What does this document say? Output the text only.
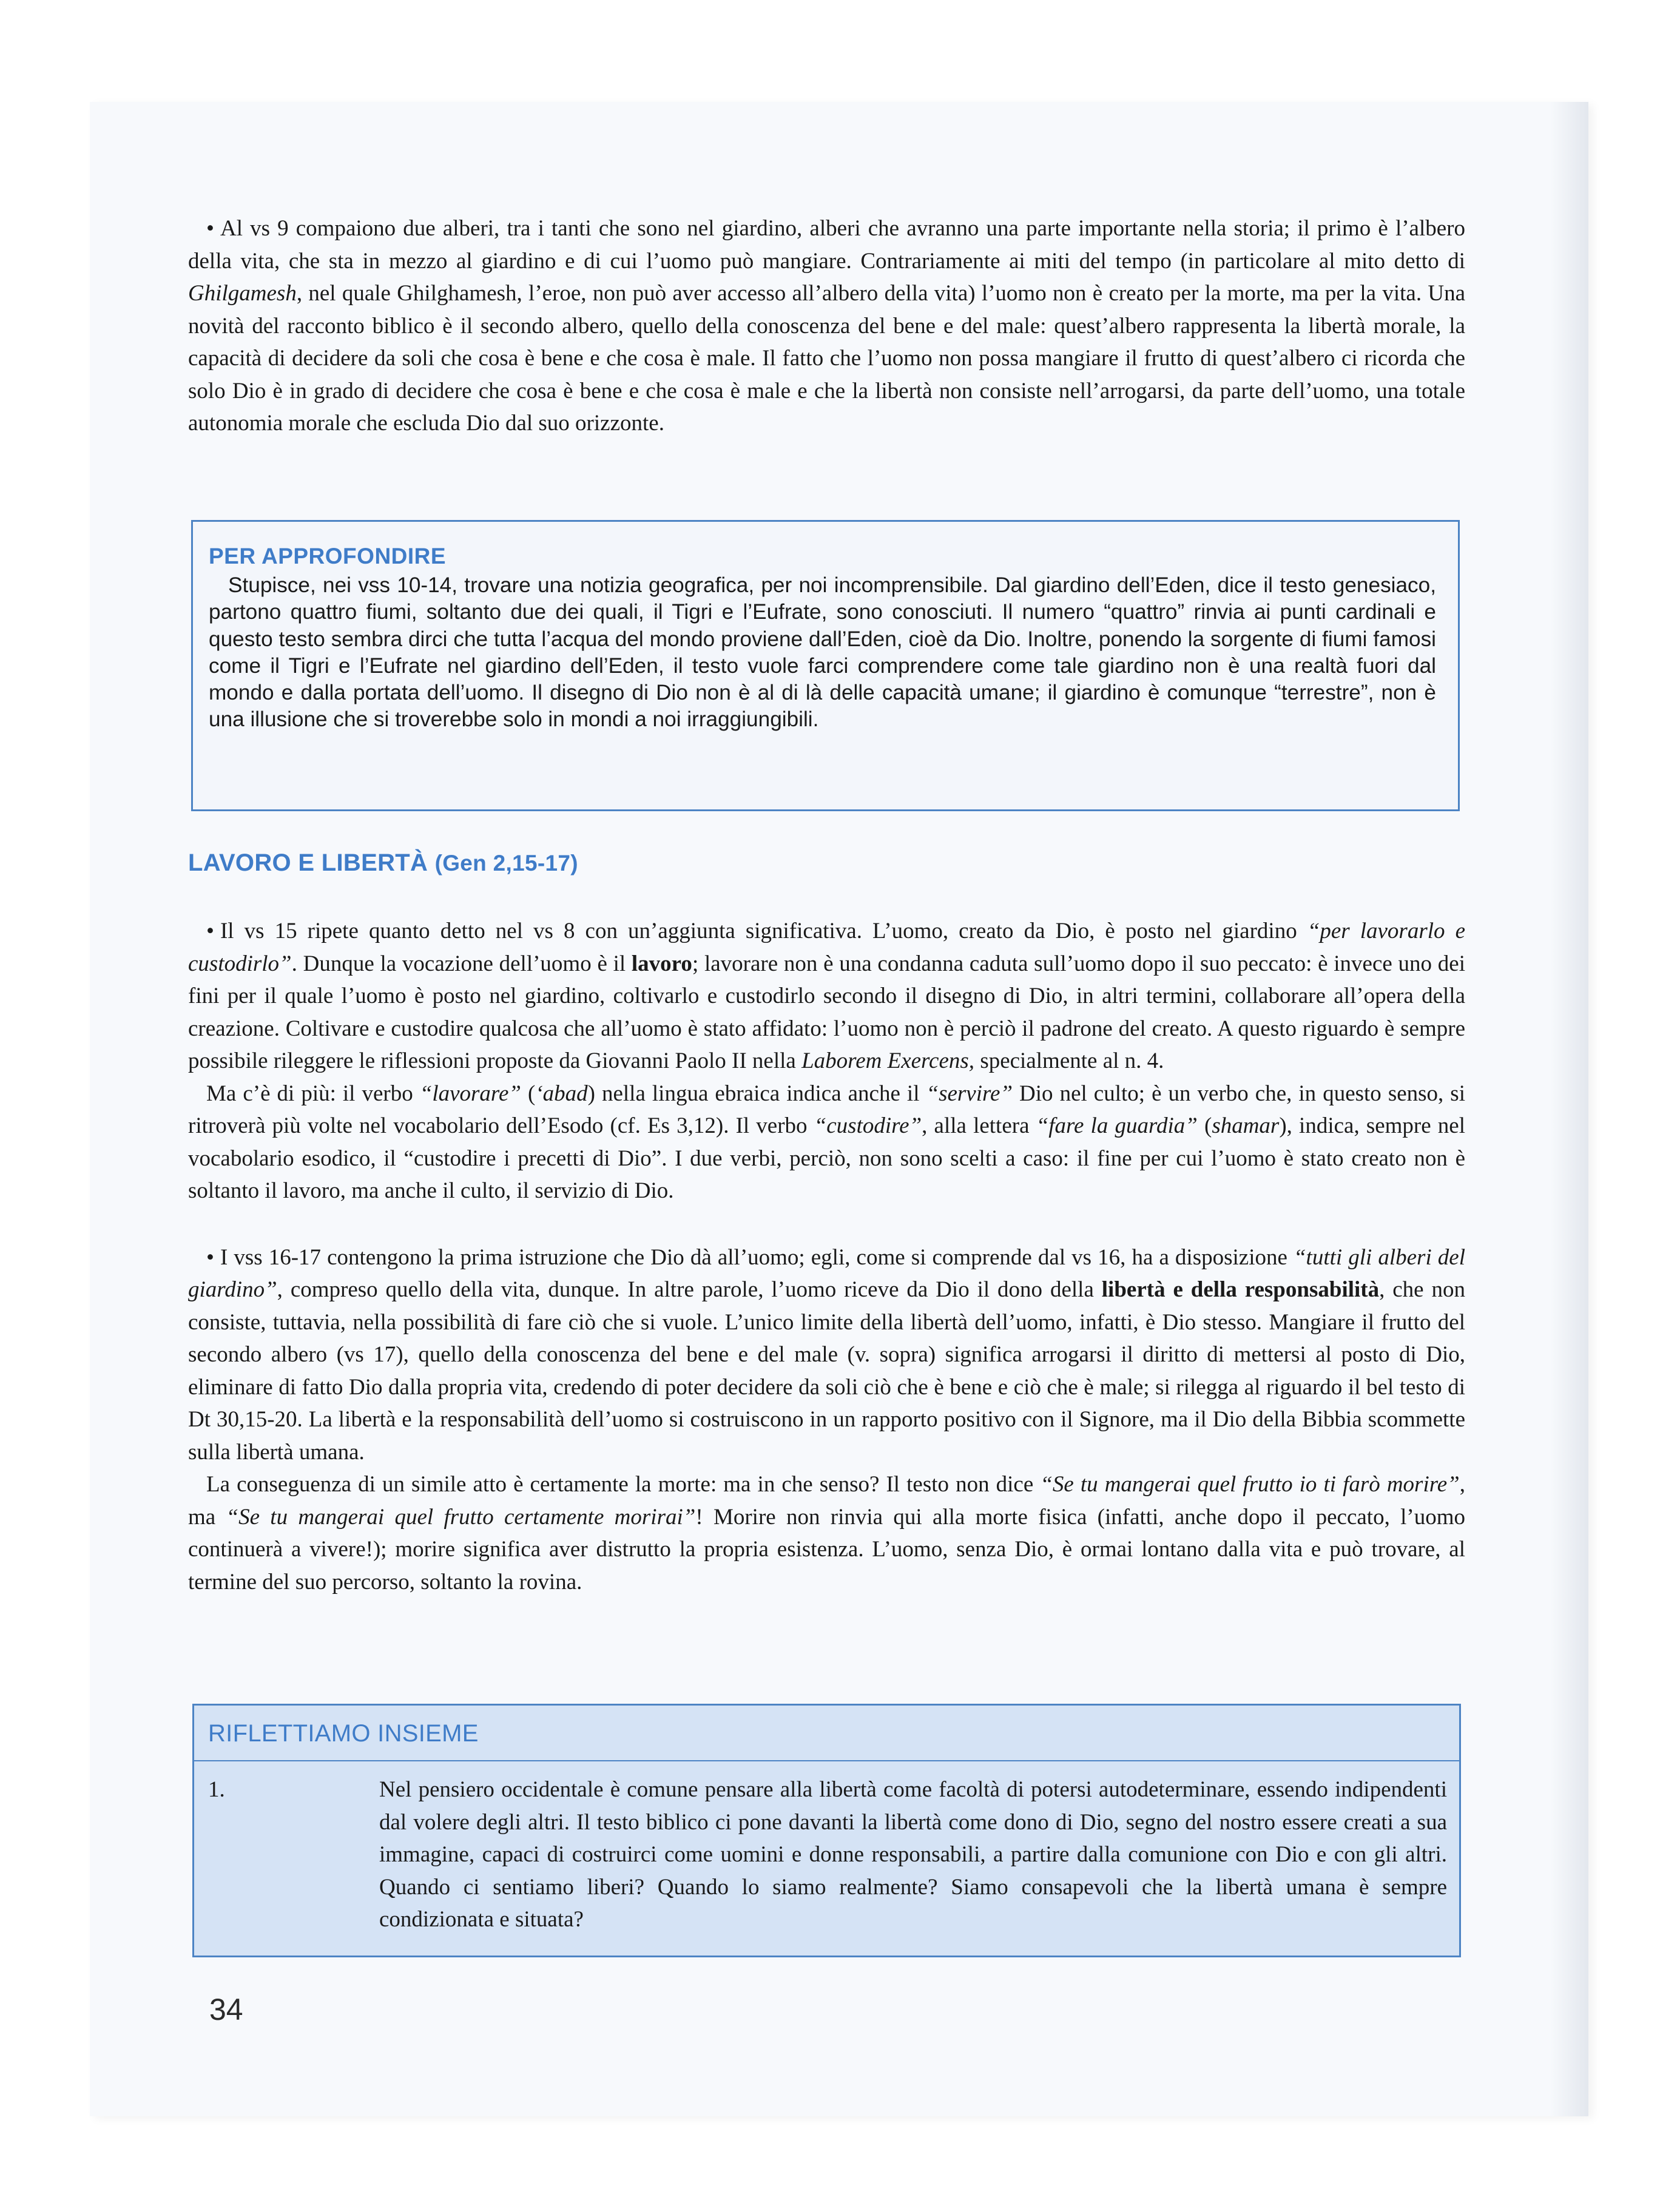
• Al vs 9 compaiono due alberi, tra i tanti che sono nel giardino, alberi che avranno una parte importante nella storia; il primo è l’albero della vita, che sta in mezzo al giardino e di cui l’uomo può mangiare. Contrariamente ai miti del tempo (in particolare al mito detto di Ghilgamesh, nel quale Ghilghamesh, l’eroe, non può aver accesso all’albero della vita) l’uomo non è creato per la morte, ma per la vita. Una novità del racconto biblico è il secondo albero, quello della conoscenza del bene e del male: quest’albero rappresenta la libertà morale, la capacità di decidere da soli che cosa è bene e che cosa è male. Il fatto che l’uomo non possa mangiare il frutto di quest’albero ci ricorda che solo Dio è in grado di decidere che cosa è bene e che cosa è male e che la libertà non consiste nell’arrogarsi, da parte dell’uomo, una totale autonomia morale che escluda Dio dal suo orizzonte.

PER APPROFONDIRE

Stupisce, nei vss 10-14, trovare una notizia geografica, per noi incomprensibile. Dal giardino dell’Eden, dice il testo genesiaco, partono quattro fiumi, soltanto due dei quali, il Tigri e l’Eufrate, sono conosciuti. Il numero “quattro” rinvia ai punti cardinali e questo testo sembra dirci che tutta l’acqua del mondo proviene dall’Eden, cioè da Dio. Inoltre, ponendo la sorgente di fiumi famosi come il Tigri e l’Eufrate nel giardino dell’Eden, il testo vuole farci comprendere come tale giardino non è una realtà fuori dal mondo e dalla portata dell’uomo. Il disegno di Dio non è al di là delle capacità umane; il giardino è comunque “terrestre”, non è una illusione che si troverebbe solo in mondi a noi irraggiungibili.

LAVORO E LIBERTÀ (Gen 2,15-17)

• Il vs 15 ripete quanto detto nel vs 8 con un’aggiunta significativa. L’uomo, creato da Dio, è posto nel giardino “per lavorarlo e custodirlo”. Dunque la vocazione dell’uomo è il lavoro; lavorare non è una condanna caduta sull’uomo dopo il suo peccato: è invece uno dei fini per il quale l’uomo è posto nel giardino, coltivarlo e custodirlo secondo il disegno di Dio, in altri termini, collaborare all’opera della creazione. Coltivare e custodire qualcosa che all’uomo è stato affidato: l’uomo non è perciò il padrone del creato. A questo riguardo è sempre possibile rileggere le riflessioni proposte da Giovanni Paolo II nella Laborem Exercens, specialmente al n. 4.

Ma c’è di più: il verbo “lavorare” (‘abad) nella lingua ebraica indica anche il “servire” Dio nel culto; è un verbo che, in questo senso, si ritroverà più volte nel vocabolario dell’Esodo (cf. Es 3,12). Il verbo “custodire”, alla lettera “fare la guardia” (shamar), indica, sempre nel vocabolario esodico, il “custodire i precetti di Dio”. I due verbi, perciò, non sono scelti a caso: il fine per cui l’uomo è stato creato non è soltanto il lavoro, ma anche il culto, il servizio di Dio.

• I vss 16-17 contengono la prima istruzione che Dio dà all’uomo; egli, come si comprende dal vs 16, ha a disposizione “tutti gli alberi del giardino”, compreso quello della vita, dunque. In altre parole, l’uomo riceve da Dio il dono della libertà e della responsabilità, che non consiste, tuttavia, nella possibilità di fare ciò che si vuole. L’unico limite della libertà dell’uomo, infatti, è Dio stesso. Mangiare il frutto del secondo albero (vs 17), quello della conoscenza del bene e del male (v. sopra) significa arrogarsi il diritto di mettersi al posto di Dio, eliminare di fatto Dio dalla propria vita, credendo di poter decidere da soli ciò che è bene e ciò che è male; si rilegga al riguardo il bel testo di Dt 30,15-20. La libertà e la responsabilità dell’uomo si costruiscono in un rapporto positivo con il Signore, ma il Dio della Bibbia scommette sulla libertà umana.

La conseguenza di un simile atto è certamente la morte: ma in che senso? Il testo non dice “Se tu mangerai quel frutto io ti farò morire”, ma “Se tu mangerai quel frutto certamente morirai”! Morire non rinvia qui alla morte fisica (infatti, anche dopo il peccato, l’uomo continuerà a vivere!); morire significa aver distrutto la propria esistenza. L’uomo, senza Dio, è ormai lontano dalla vita e può trovare, al termine del suo percorso, soltanto la rovina.

RIFLETTIAMO INSIEME

1.	Nel pensiero occidentale è comune pensare alla libertà come facoltà di potersi autodeterminare, essendo indipendenti dal volere degli altri. Il testo biblico ci pone davanti la libertà come dono di Dio, segno del nostro essere creati a sua immagine, capaci di costruirci come uomini e donne responsabili, a partire dalla comunione con Dio e con gli altri. Quando ci sentiamo liberi? Quando lo siamo realmente? Siamo consapevoli che la libertà umana è sempre condizionata e situata?

34
